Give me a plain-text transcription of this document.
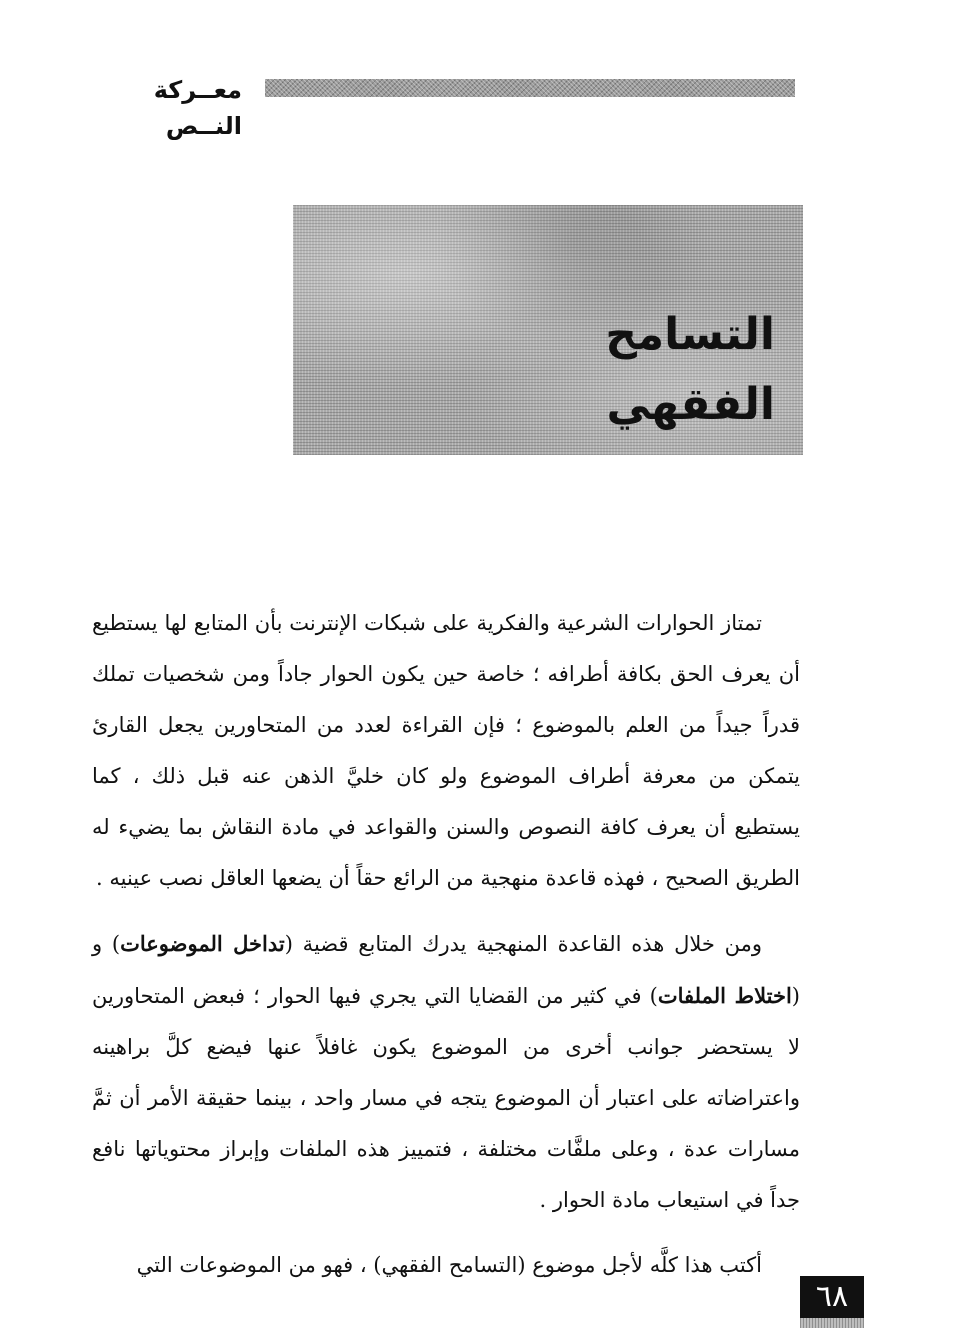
معــركة النــص
التسامح الفقهي

تمتاز الحوارات الشرعية والفكرية على شبكات الإنترنت بأن المتابع لها يستطيع أن يعرف الحق بكافة أطرافه ؛ خاصة حين يكون الحوار جاداً ومن شخصيات تملك قدراً جيداً من العلم بالموضوع ؛ فإن القراءة لعدد من المتحاورين يجعل القارئ يتمكن من معرفة أطراف الموضوع ولو كان خليَّ الذهن عنه قبل ذلك ، كما يستطيع أن يعرف كافة النصوص والسنن والقواعد في مادة النقاش بما يضيء له الطريق الصحيح ، فهذه قاعدة منهجية من الرائع حقاً أن يضعها العاقل نصب عينيه .

ومن خلال هذه القاعدة المنهجية يدرك المتابع قضية (تداخل الموضوعات) و (اختلاط الملفات) في كثير من القضايا التي يجري فيها الحوار ؛ فبعض المتحاورين لا يستحضر جوانب أخرى من الموضوع يكون غافلاً عنها فيضع كلَّ براهينه واعتراضاته على اعتبار أن الموضوع يتجه في مسار واحد ، بينما حقيقة الأمر أن ثمَّ مسارات عدة ، وعلى ملفَّات مختلفة ، فتمييز هذه الملفات وإبراز محتوياتها نافع جداً في استيعاب مادة الحوار .

أكتب هذا كلَّه لأجل موضوع (التسامح الفقهي) ، فهو من الموضوعات التي

٦٨
